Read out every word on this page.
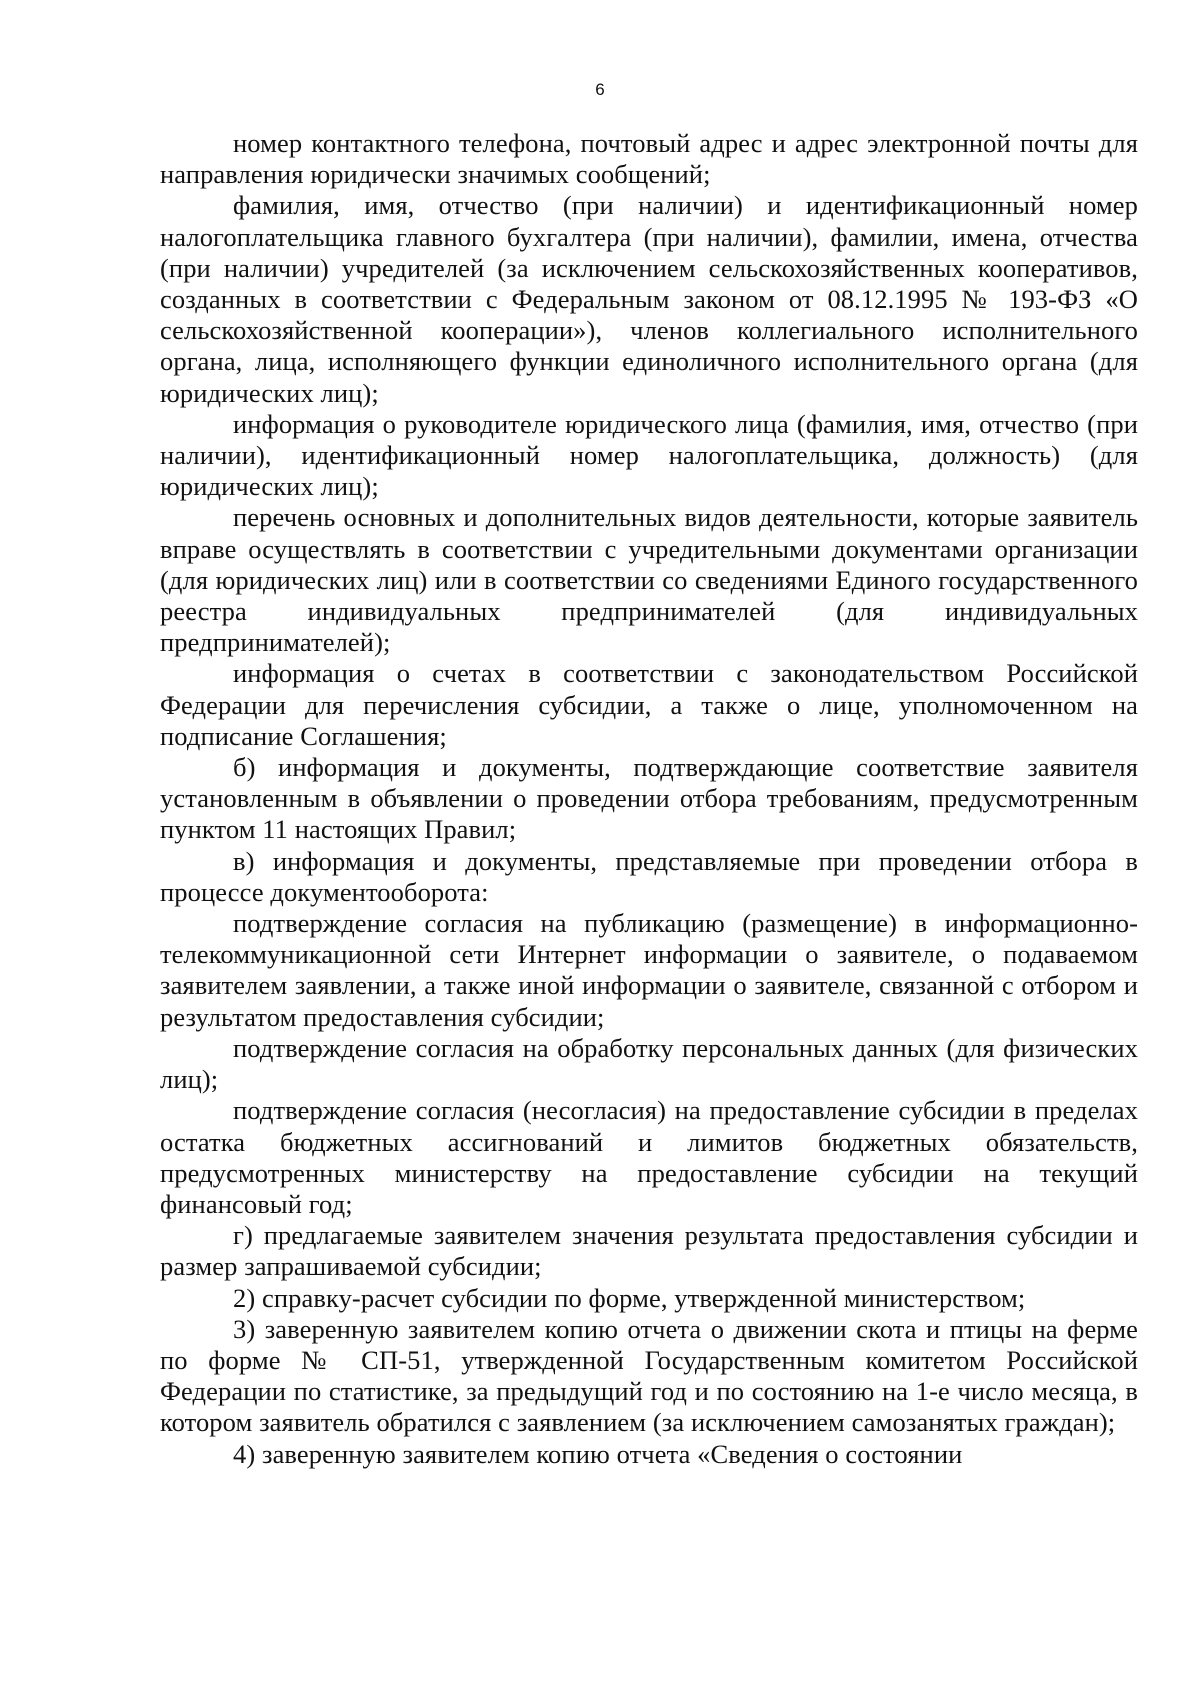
6

номер контактного телефона, почтовый адрес и адрес электронной почты для направления юридически значимых сообщений;

фамилия, имя, отчество (при наличии) и идентификационный номер налогоплательщика главного бухгалтера (при наличии), фамилии, имена, отчества (при наличии) учредителей (за исключением сельскохозяйственных кооперативов, созданных в соответствии с Федеральным законом от 08.12.1995 № 193-ФЗ «О сельскохозяйственной кооперации»), членов коллегиального исполнительного органа, лица, исполняющего функции единоличного исполнительного органа (для юридических лиц);

информация о руководителе юридического лица (фамилия, имя, отчество (при наличии), идентификационный номер налогоплательщика, должность) (для юридических лиц);

перечень основных и дополнительных видов деятельности, которые заявитель вправе осуществлять в соответствии с учредительными документами организации (для юридических лиц) или в соответствии со сведениями Единого государственного реестра индивидуальных предпринимателей (для индивидуальных предпринимателей);

информация о счетах в соответствии с законодательством Российской Федерации для перечисления субсидии, а также о лице, уполномоченном на подписание Соглашения;

б) информация и документы, подтверждающие соответствие заявителя установленным в объявлении о проведении отбора требованиям, предусмотренным пунктом 11 настоящих Правил;

в) информация и документы, представляемые при проведении отбора в процессе документооборота:

подтверждение согласия на публикацию (размещение) в информационно-телекоммуникационной сети Интернет информации о заявителе, о подаваемом заявителем заявлении, а также иной информации о заявителе, связанной с отбором и результатом предоставления субсидии;

подтверждение согласия на обработку персональных данных (для физических лиц);

подтверждение согласия (несогласия) на предоставление субсидии в пределах остатка бюджетных ассигнований и лимитов бюджетных обязательств, предусмотренных министерству на предоставление субсидии на текущий финансовый год;

г) предлагаемые заявителем значения результата предоставления субсидии и размер запрашиваемой субсидии;

2) справку-расчет субсидии по форме, утвержденной министерством;

3) заверенную заявителем копию отчета о движении скота и птицы на ферме по форме № СП-51, утвержденной Государственным комитетом Российской Федерации по статистике, за предыдущий год и по состоянию на 1-е число месяца, в котором заявитель обратился с заявлением (за исключением самозанятых граждан);

4) заверенную заявителем копию отчета «Сведения о состоянии
